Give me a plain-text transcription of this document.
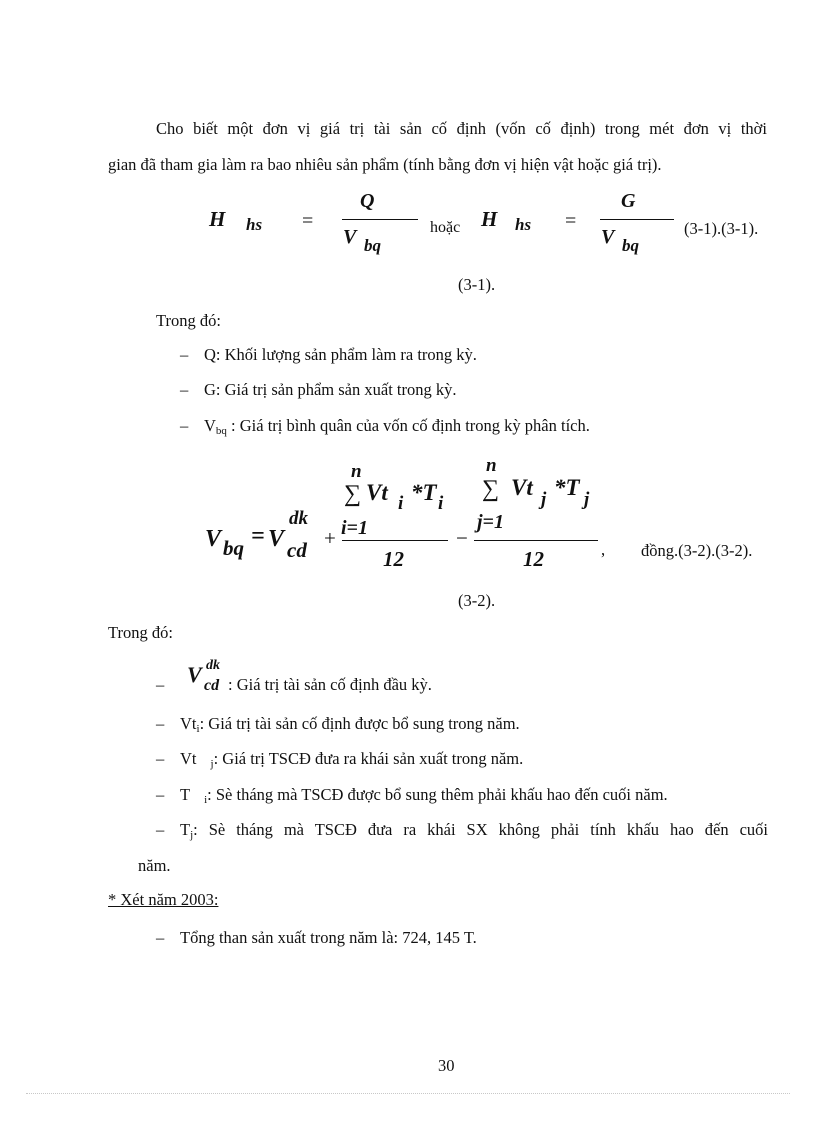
Cho biết một đơn vị giá trị tài sản cố định (vốn cố định) trong mét đơn vị thời
gian đã tham gia làm ra bao nhiêu sản phẩm (tính bằng đơn vị hiện vật hoặc giá trị).
H hs =
Q
V bq
hoặc H hs =
G
V bq
(3-1).(3-1).
(3-1).
Trong đó:
– Q: Khối lượng sản phẩm làm ra trong kỳ.
– G: Giá trị sản phẩm sản xuất trong kỳ.
– $V_{bq}$ : Giá trị bình quân của vốn cố định trong kỳ phân tích.
n
∑ Vt i *T i
i=1
12
n
∑ Vt j *T j
j=1
12
V bq = V
dk
cd +	−	, đồng.(3-2).(3-2).
(3-2).
Trong đó:
– V dk
cd : Giá trị tài sản cố định đầu kỳ.
– $Vt_i$: Giá trị tài sản cố định được bổ sung trong năm.
– Vt $_j$: Giá trị TSCĐ đưa ra khái sản xuất trong năm.
– T $_i$: Sè tháng mà TSCĐ được bổ sung thêm phải khấu hao đến cuối năm.
– $T_j$ : Sè tháng mà TSCĐ đưa ra khái SX không phải tính khấu hao đến cuối
năm.
* Xét năm 2003:
– Tổng than sản xuất trong năm là: 724, 145 T.
30
